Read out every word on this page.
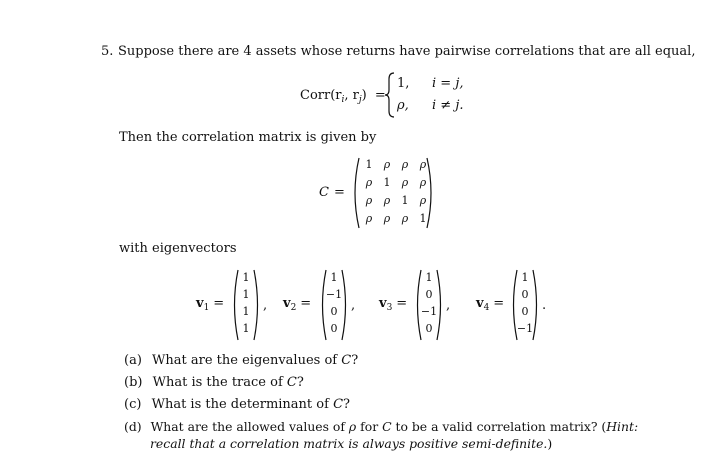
5. Suppose there are 4 assets whose returns have pairwise correlations that are all equal,
$Corr(r_i$, $r_j$) =
1, i = j,
ρ, i ≠ j.
Then the correlation matrix is given by
C =
1 ρ ρ ρ
ρ 1 ρ ρ
ρ ρ 1 ρ
ρ ρ ρ 1
with eigenvectors
$v_1$ =
1
1
1
1
, $v_2$ =
1
−1
0
0
, $v_3$ =
1
0
−1
0
, $v_4$ =
1
0
0
−1
.
(a) What are the eigenvalues of C?
(b) What is the trace of C?
(c) What is the determinant of C?
(d) What are the allowed values of ρ for C to be a valid correlation matrix? (Hint:
recall that a correlation matrix is always positive semi-definite.)
